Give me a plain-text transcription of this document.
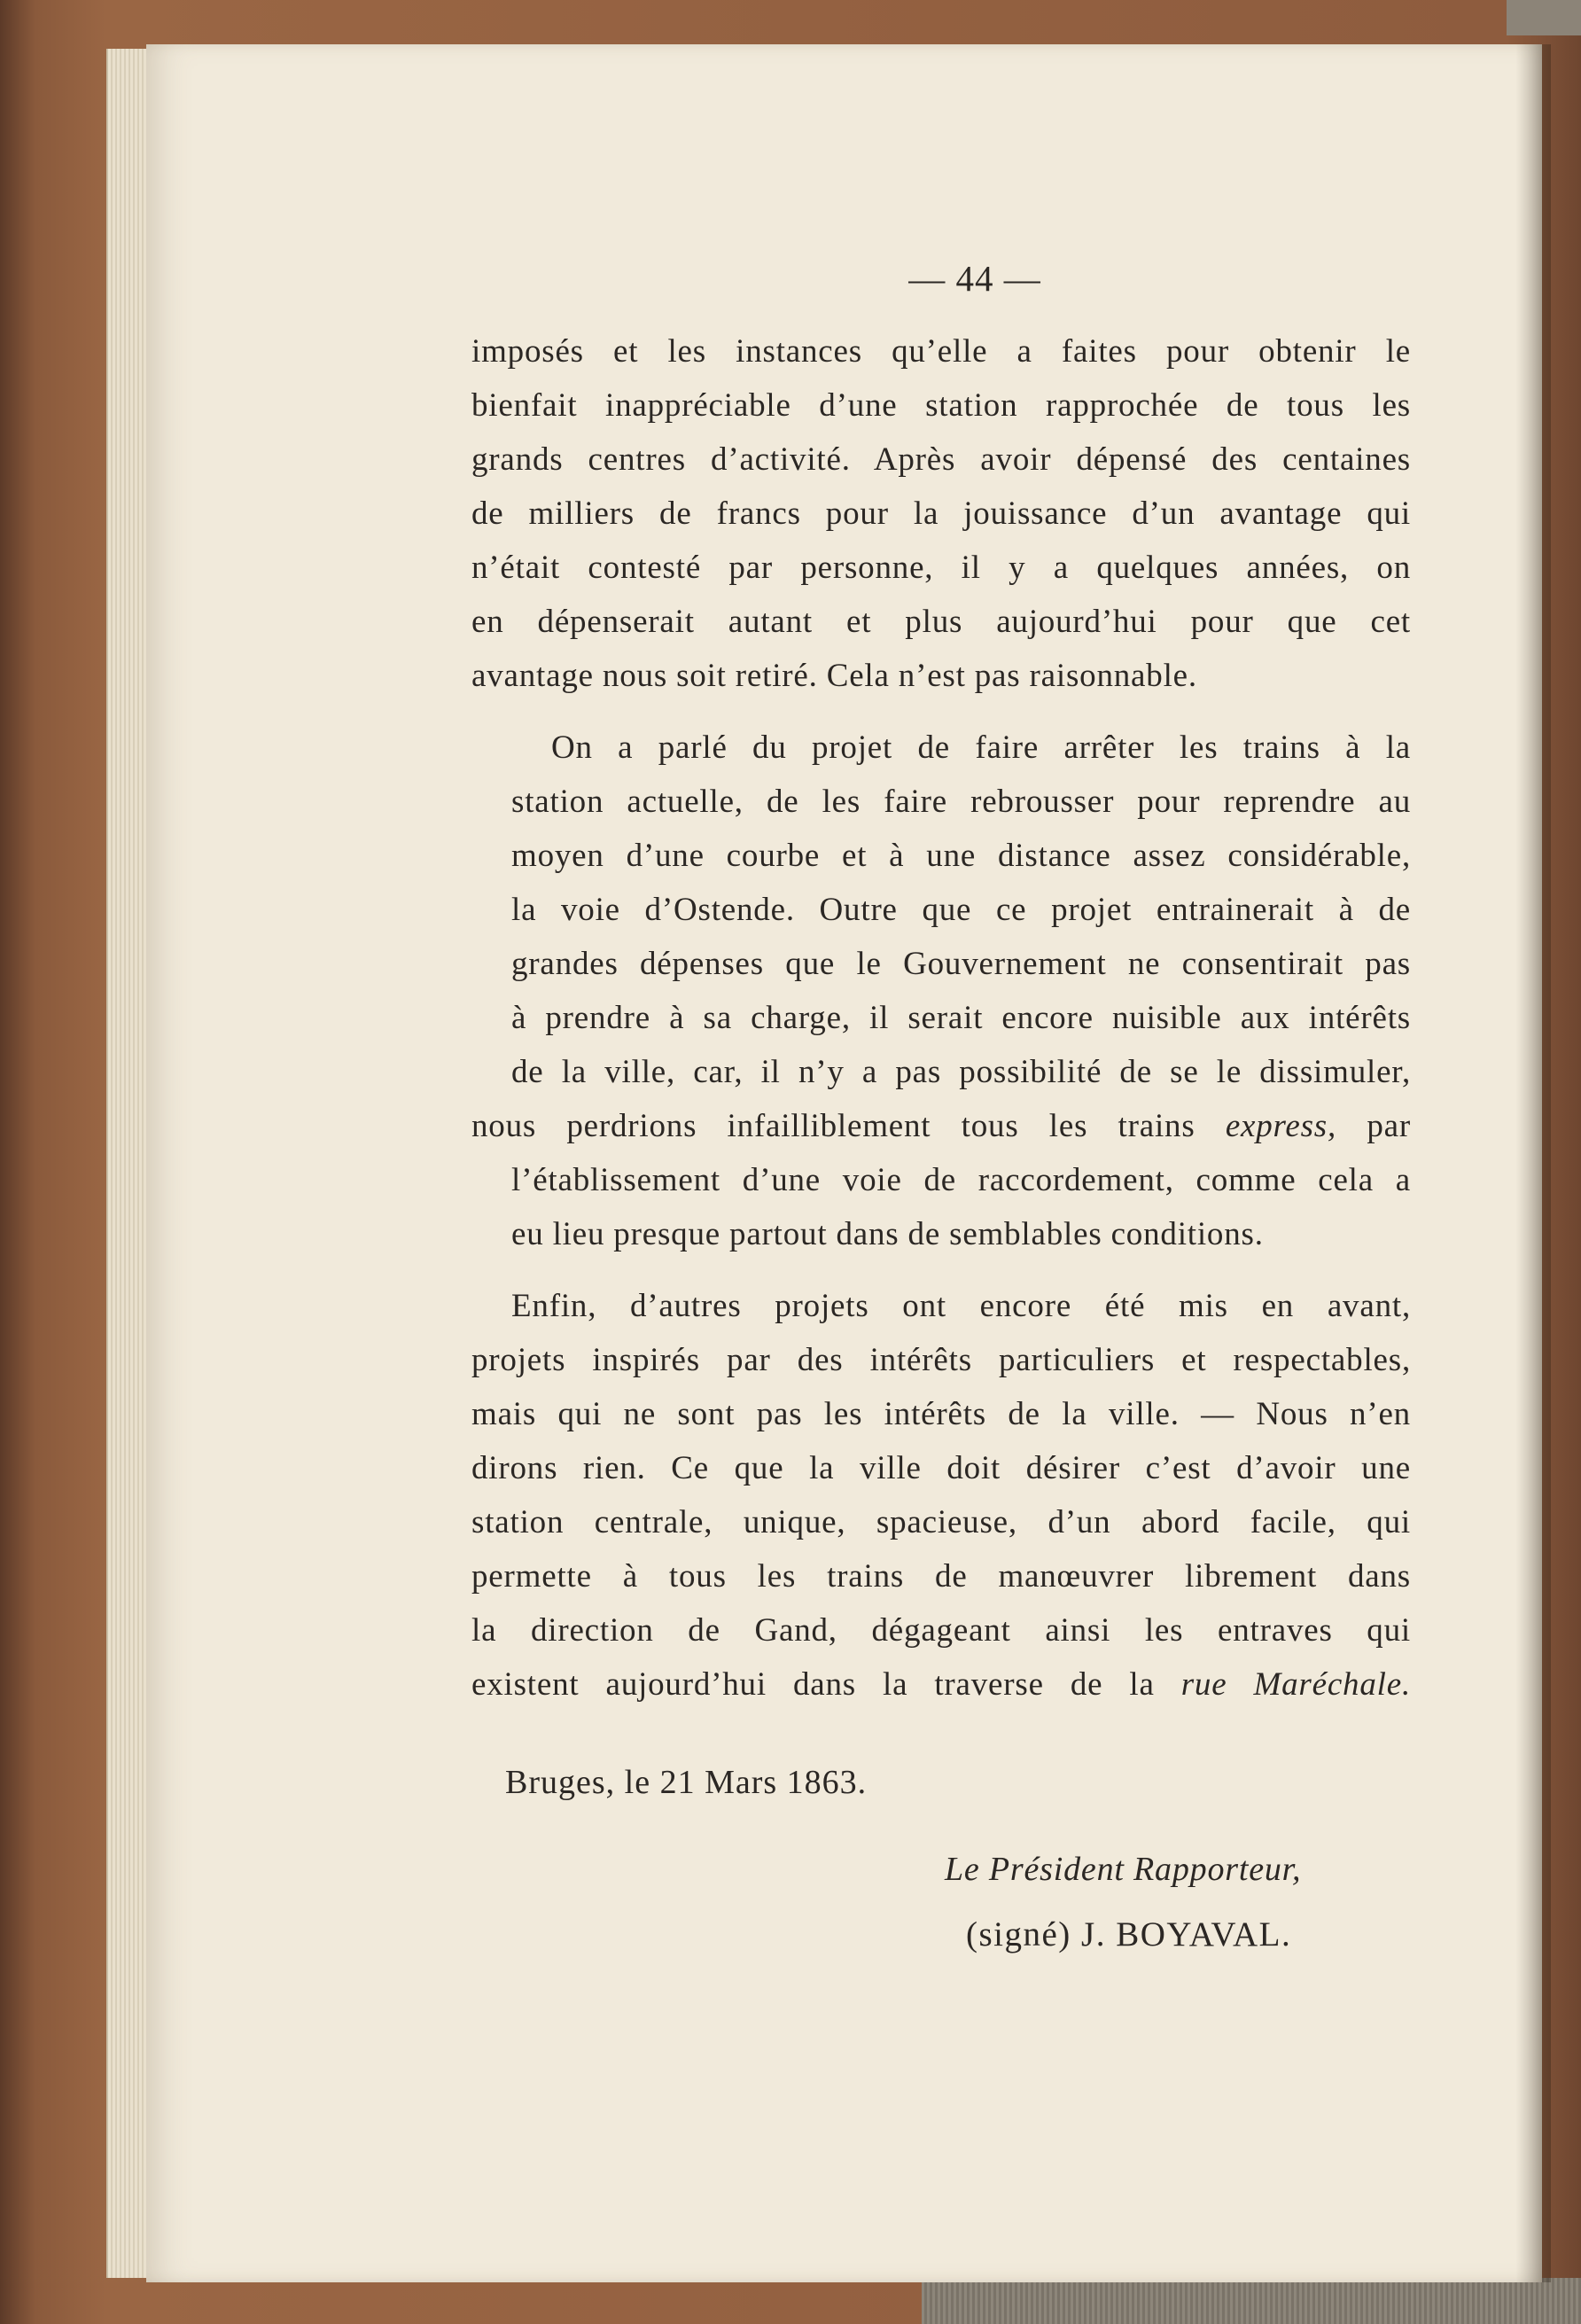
— 44 —
imposés et les instances qu’elle a faites pour obtenir le
bienfait inappréciable d’une station rapprochée de tous les
grands centres d’activité. Après avoir dépensé des centaines
de milliers de francs pour la jouissance d’un avantage qui
n’était contesté par personne, il y a quelques années, on
en dépenserait autant et plus aujourd’hui pour que cet
avantage nous soit retiré. Cela n’est pas raisonnable.
On a parlé du projet de faire arrêter les trains à la
station actuelle, de les faire rebrousser pour reprendre au
moyen d’une courbe et à une distance assez considérable,
la voie d’Ostende. Outre que ce projet entrainerait à de
grandes dépenses que le Gouvernement ne consentirait pas
à prendre à sa charge, il serait encore nuisible aux intérêts
de la ville, car, il n’y a pas possibilité de se le dissimuler,
nous perdrions infailliblement tous les trains express, par
l’établissement d’une voie de raccordement, comme cela a
eu lieu presque partout dans de semblables conditions.
Enfin, d’autres projets ont encore été mis en avant,
projets inspirés par des intérêts particuliers et respectables,
mais qui ne sont pas les intérêts de la ville. — Nous n’en
dirons rien. Ce que la ville doit désirer c’est d’avoir une
station centrale, unique, spacieuse, d’un abord facile, qui
permette à tous les trains de manœuvrer librement dans
la direction de Gand, dégageant ainsi les entraves qui
existent aujourd’hui dans la traverse de la rue Maréchale.
Bruges, le 21 Mars 1863.
Le Président Rapporteur,
(signé) J. BOYAVAL.
